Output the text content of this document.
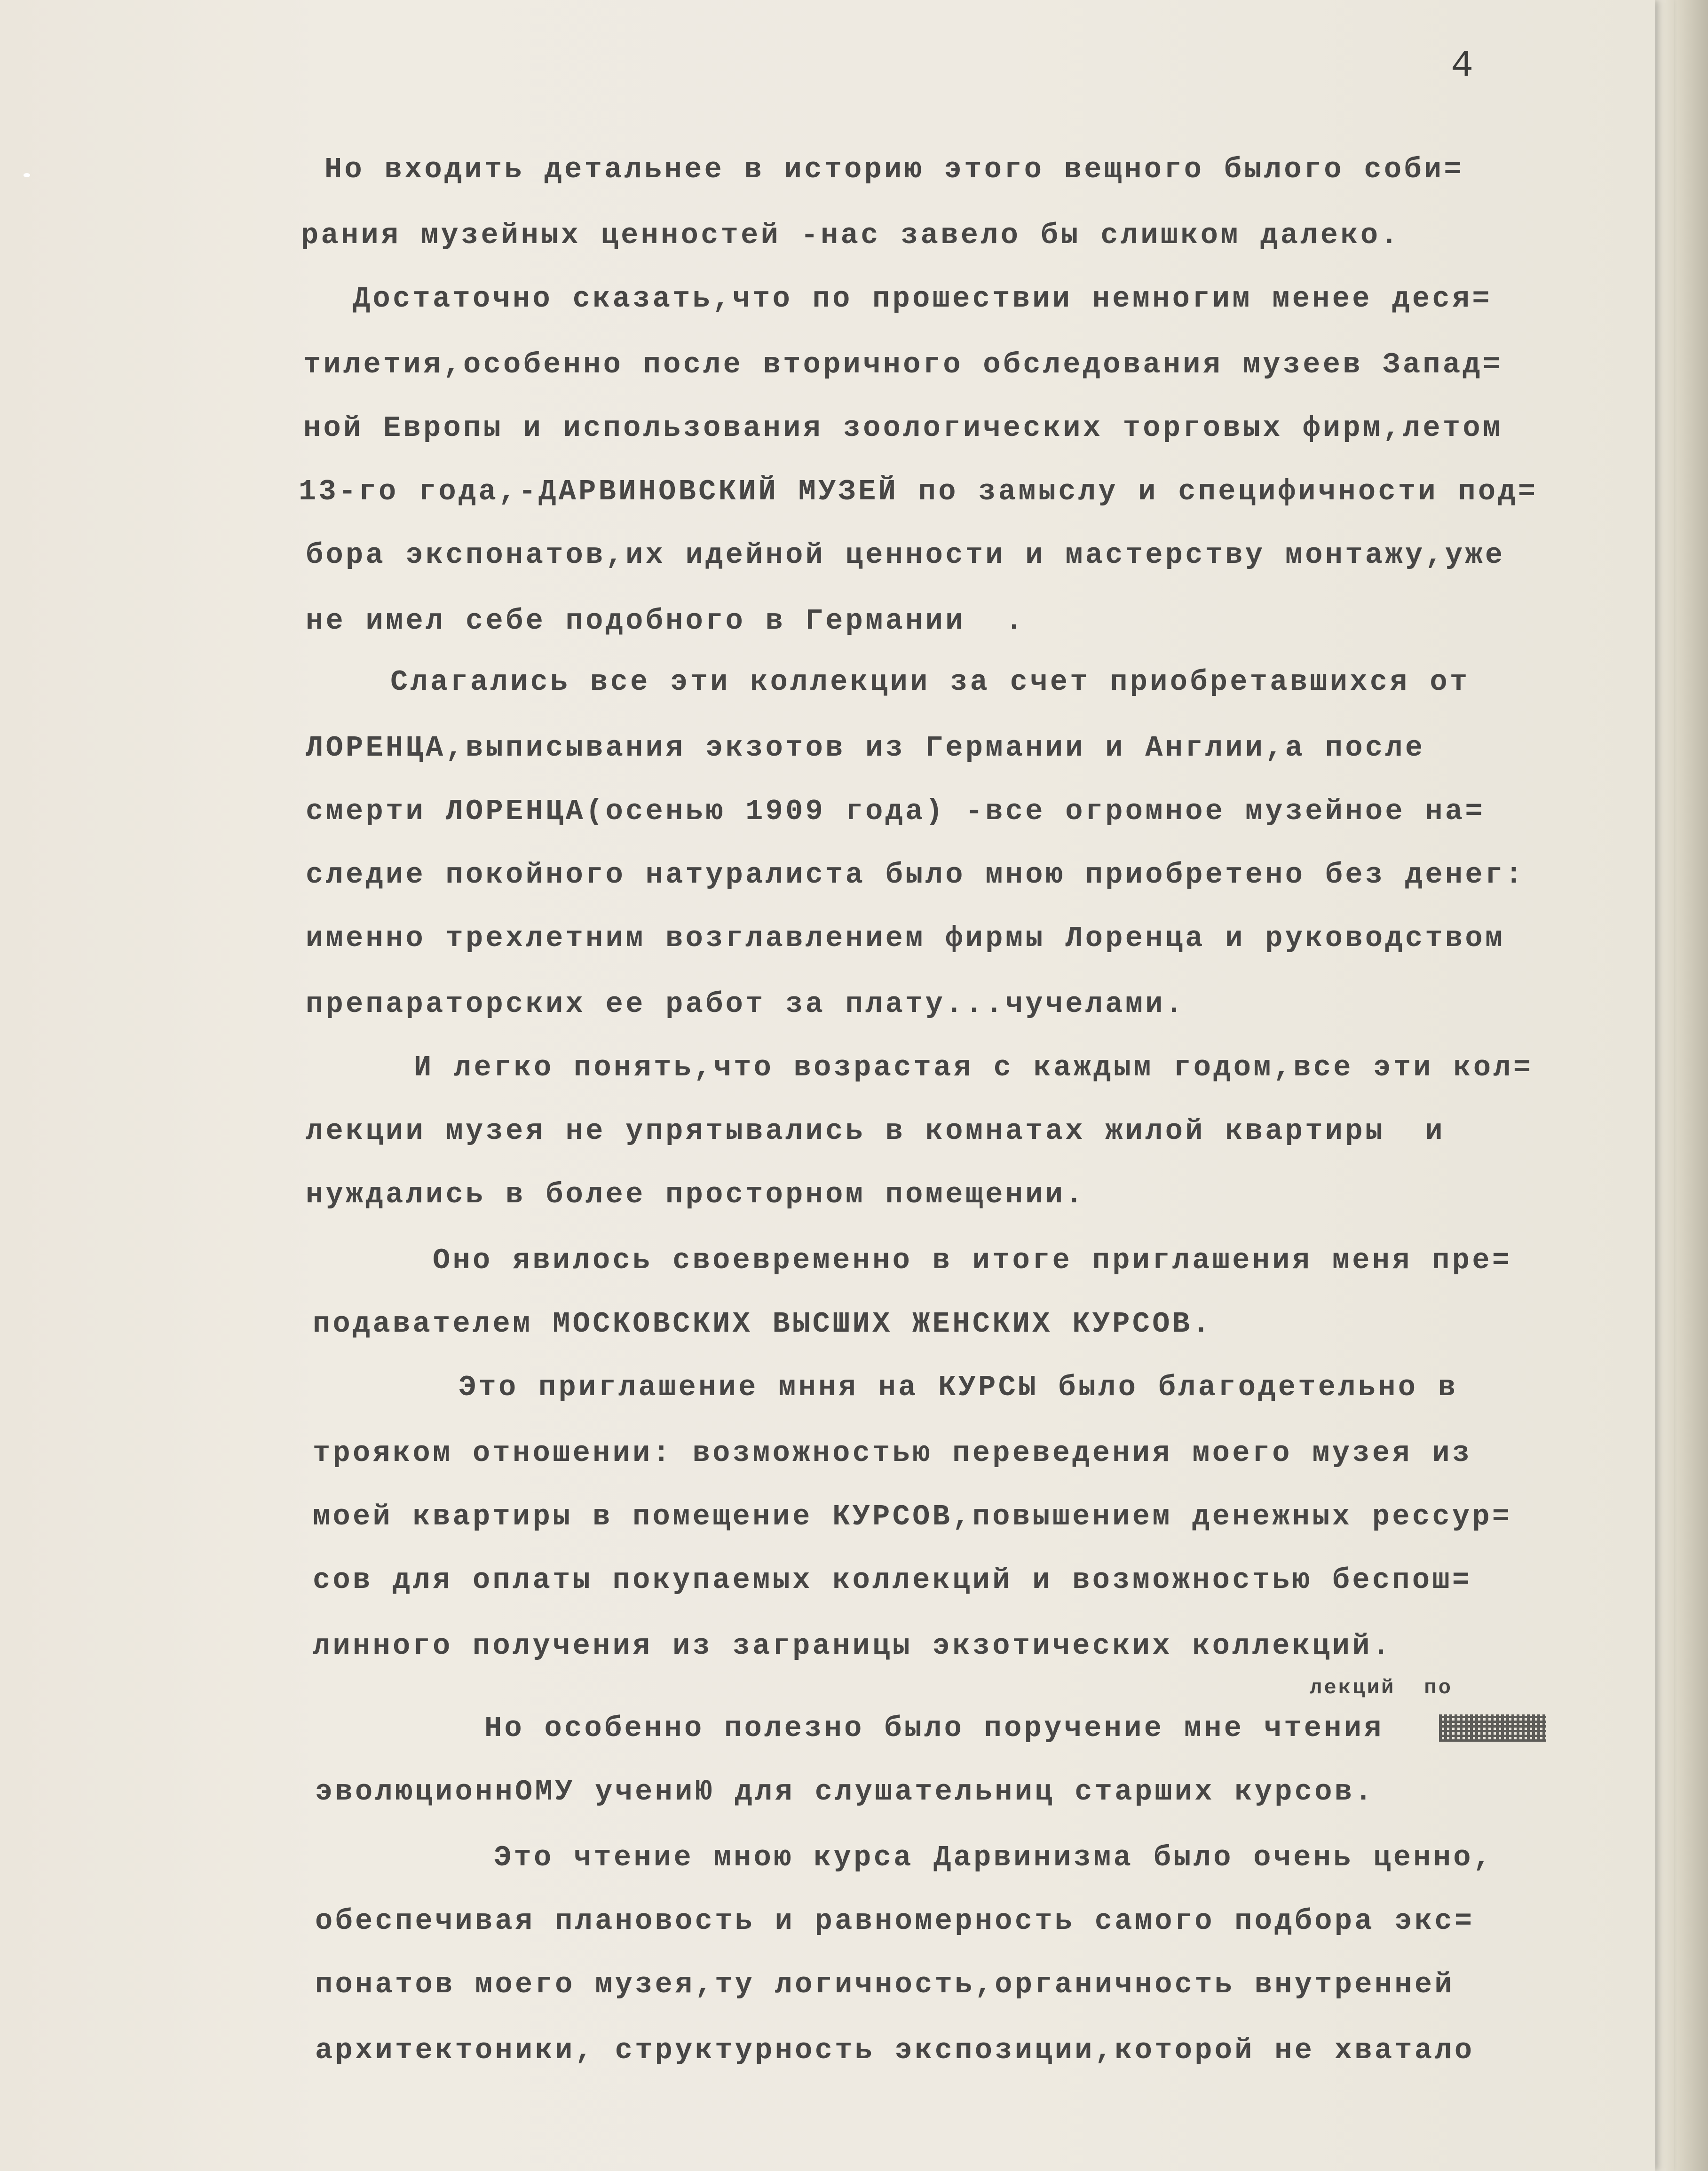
4
Но входить детальнее в историю этого вещного былого соби=
рания музейных ценностей -нас завело бы слишком далеко.
Достаточно сказать,что по прошествии немногим менее деся=
тилетия,особенно после вторичного обследования музеев Запад=
ной Европы и использования зоологических торговых фирм,летом
13-го года,-ДАРВИНОВСКИЙ МУЗЕЙ по замыслу и специфичности под=
бора экспонатов,их идейной ценности и мастерству монтажу,уже
не имел себе подобного в Германии  .
Слагались все эти коллекции за счет приобретавшихся от
ЛОРЕНЦА,выписывания экзотов из Германии и Англии,а после
смерти ЛОРЕНЦА(осенью 1909 года) -все огромное музейное на=
следие покойного натуралиста было мною приобретено без денег:
именно трехлетним возглавлением фирмы Лоренца и руководством
препараторских ее работ за плату...чучелами.
И легко понять,что возрастая с каждым годом,все эти кол=
лекции музея не упрятывались в комнатах жилой квартиры  и
нуждались в более просторном помещении.
Оно явилось своевременно в итоге приглашения меня пре=
подавателем МОСКОВСКИХ ВЫСШИХ ЖЕНСКИХ КУРСОВ.
Это приглашение мння на КУРСЫ было благодетельно в
трояком отношении: возможностью переведения моего музея из
моей квартиры в помещение КУРСОВ,повышением денежных рессур=
сов для оплаты покупаемых коллекций и возможностью беспош=
линного получения из заграницы экзотических коллекций.
лекций  по
Но особенно полезно было поручение мне чтения
эволюционнОМУ учениЮ для слушательниц старших курсов.
Это чтение мною курса Дарвинизма было очень ценно,
обеспечивая плановость и равномерность самого подбора экс=
понатов моего музея,ту логичность,органичность внутренней
архитектоники, структурность экспозиции,которой не хватало
